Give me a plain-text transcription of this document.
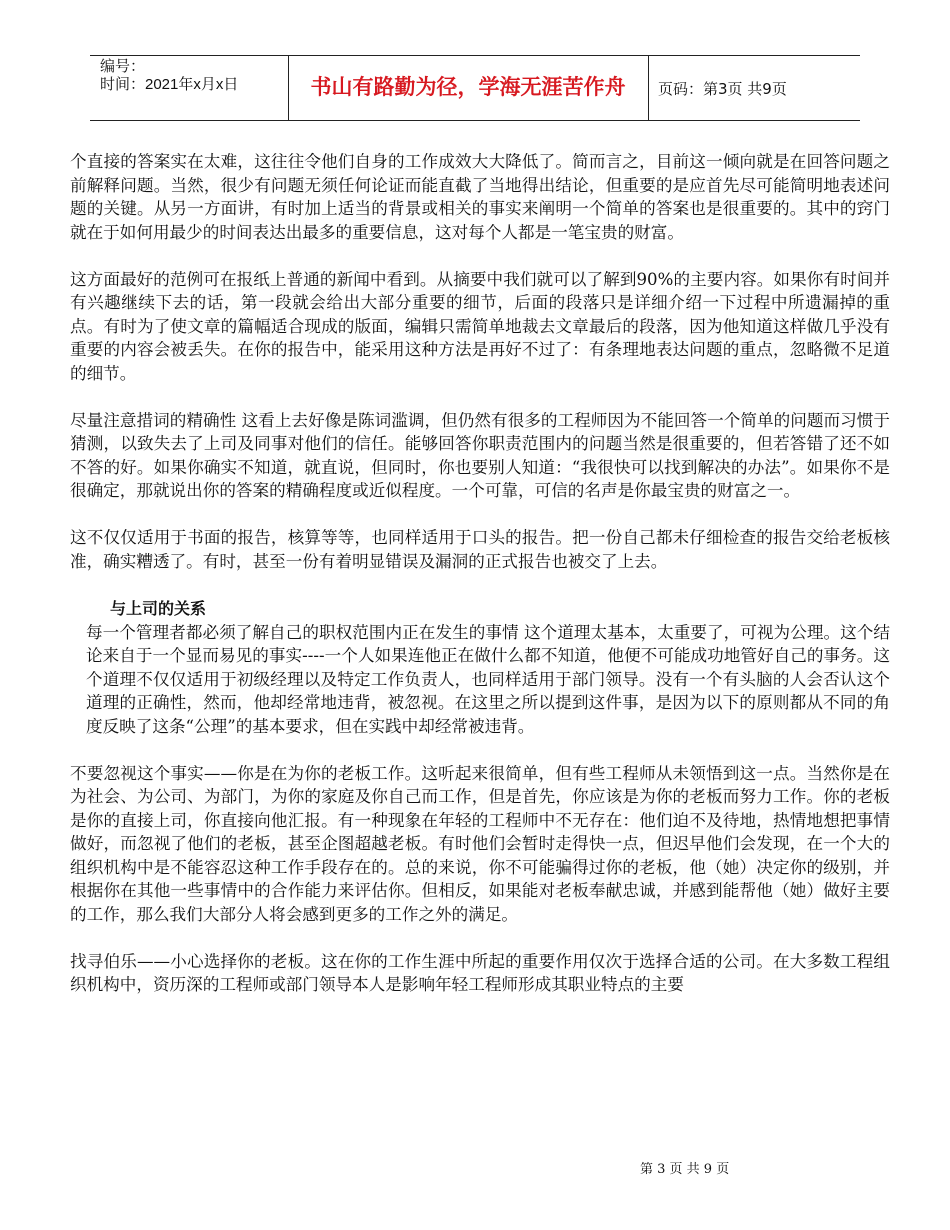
编号：
时间：2021年x月x日	书山有路勤为径，学海无涯苦作舟	页码：第3页 共9页

个直接的答案实在太难，这往往令他们自身的工作成效大大降低了。简而言之，目前这一倾向就是在回答问题之前解释问题。当然，很少有问题无须任何论证而能直截了当地得出结论，但重要的是应首先尽可能简明地表述问题的关键。从另一方面讲，有时加上适当的背景或相关的事实来阐明一个简单的答案也是很重要的。其中的窍门就在于如何用最少的时间表达出最多的重要信息，这对每个人都是一笔宝贵的财富。

这方面最好的范例可在报纸上普通的新闻中看到。从摘要中我们就可以了解到90%的主要内容。如果你有时间并有兴趣继续下去的话，第一段就会给出大部分重要的细节，后面的段落只是详细介绍一下过程中所遗漏掉的重点。有时为了使文章的篇幅适合现成的版面，编辑只需简单地裁去文章最后的段落，因为他知道这样做几乎没有重要的内容会被丢失。在你的报告中，能采用这种方法是再好不过了：有条理地表达问题的重点，忽略微不足道的细节。

尽量注意措词的精确性 这看上去好像是陈词滥调，但仍然有很多的工程师因为不能回答一个简单的问题而习惯于猜测，以致失去了上司及同事对他们的信任。能够回答你职责范围内的问题当然是很重要的，但若答错了还不如不答的好。如果你确实不知道，就直说，但同时，你也要别人知道：“我很快可以找到解决的办法”。如果你不是很确定，那就说出你的答案的精确程度或近似程度。一个可靠，可信的名声是你最宝贵的财富之一。

这不仅仅适用于书面的报告，核算等等，也同样适用于口头的报告。把一份自己都未仔细检查的报告交给老板核准，确实糟透了。有时，甚至一份有着明显错误及漏洞的正式报告也被交了上去。

与上司的关系

每一个管理者都必须了解自己的职权范围内正在发生的事情 这个道理太基本，太重要了，可视为公理。这个结论来自于一个显而易见的事实----一个人如果连他正在做什么都不知道，他便不可能成功地管好自己的事务。这个道理不仅仅适用于初级经理以及特定工作负责人，也同样适用于部门领导。没有一个有头脑的人会否认这个道理的正确性，然而，他却经常地违背，被忽视。在这里之所以提到这件事，是因为以下的原则都从不同的角度反映了这条“公理”的基本要求，但在实践中却经常被违背。

不要忽视这个事实——你是在为你的老板工作。这听起来很简单，但有些工程师从未领悟到这一点。当然你是在为社会、为公司、为部门，为你的家庭及你自己而工作，但是首先，你应该是为你的老板而努力工作。你的老板是你的直接上司，你直接向他汇报。有一种现象在年轻的工程师中不无存在：他们迫不及待地，热情地想把事情做好，而忽视了他们的老板，甚至企图超越老板。有时他们会暂时走得快一点，但迟早他们会发现，在一个大的组织机构中是不能容忍这种工作手段存在的。总的来说，你不可能骗得过你的老板，他（她）决定你的级别，并根据你在其他一些事情中的合作能力来评估你。但相反，如果能对老板奉献忠诚，并感到能帮他（她）做好主要的工作，那么我们大部分人将会感到更多的工作之外的满足。

找寻伯乐——小心选择你的老板。这在你的工作生涯中所起的重要作用仅次于选择合适的公司。在大多数工程组织机构中，资历深的工程师或部门领导本人是影响年轻工程师形成其职业特点的主要

第 3 页 共 9 页
